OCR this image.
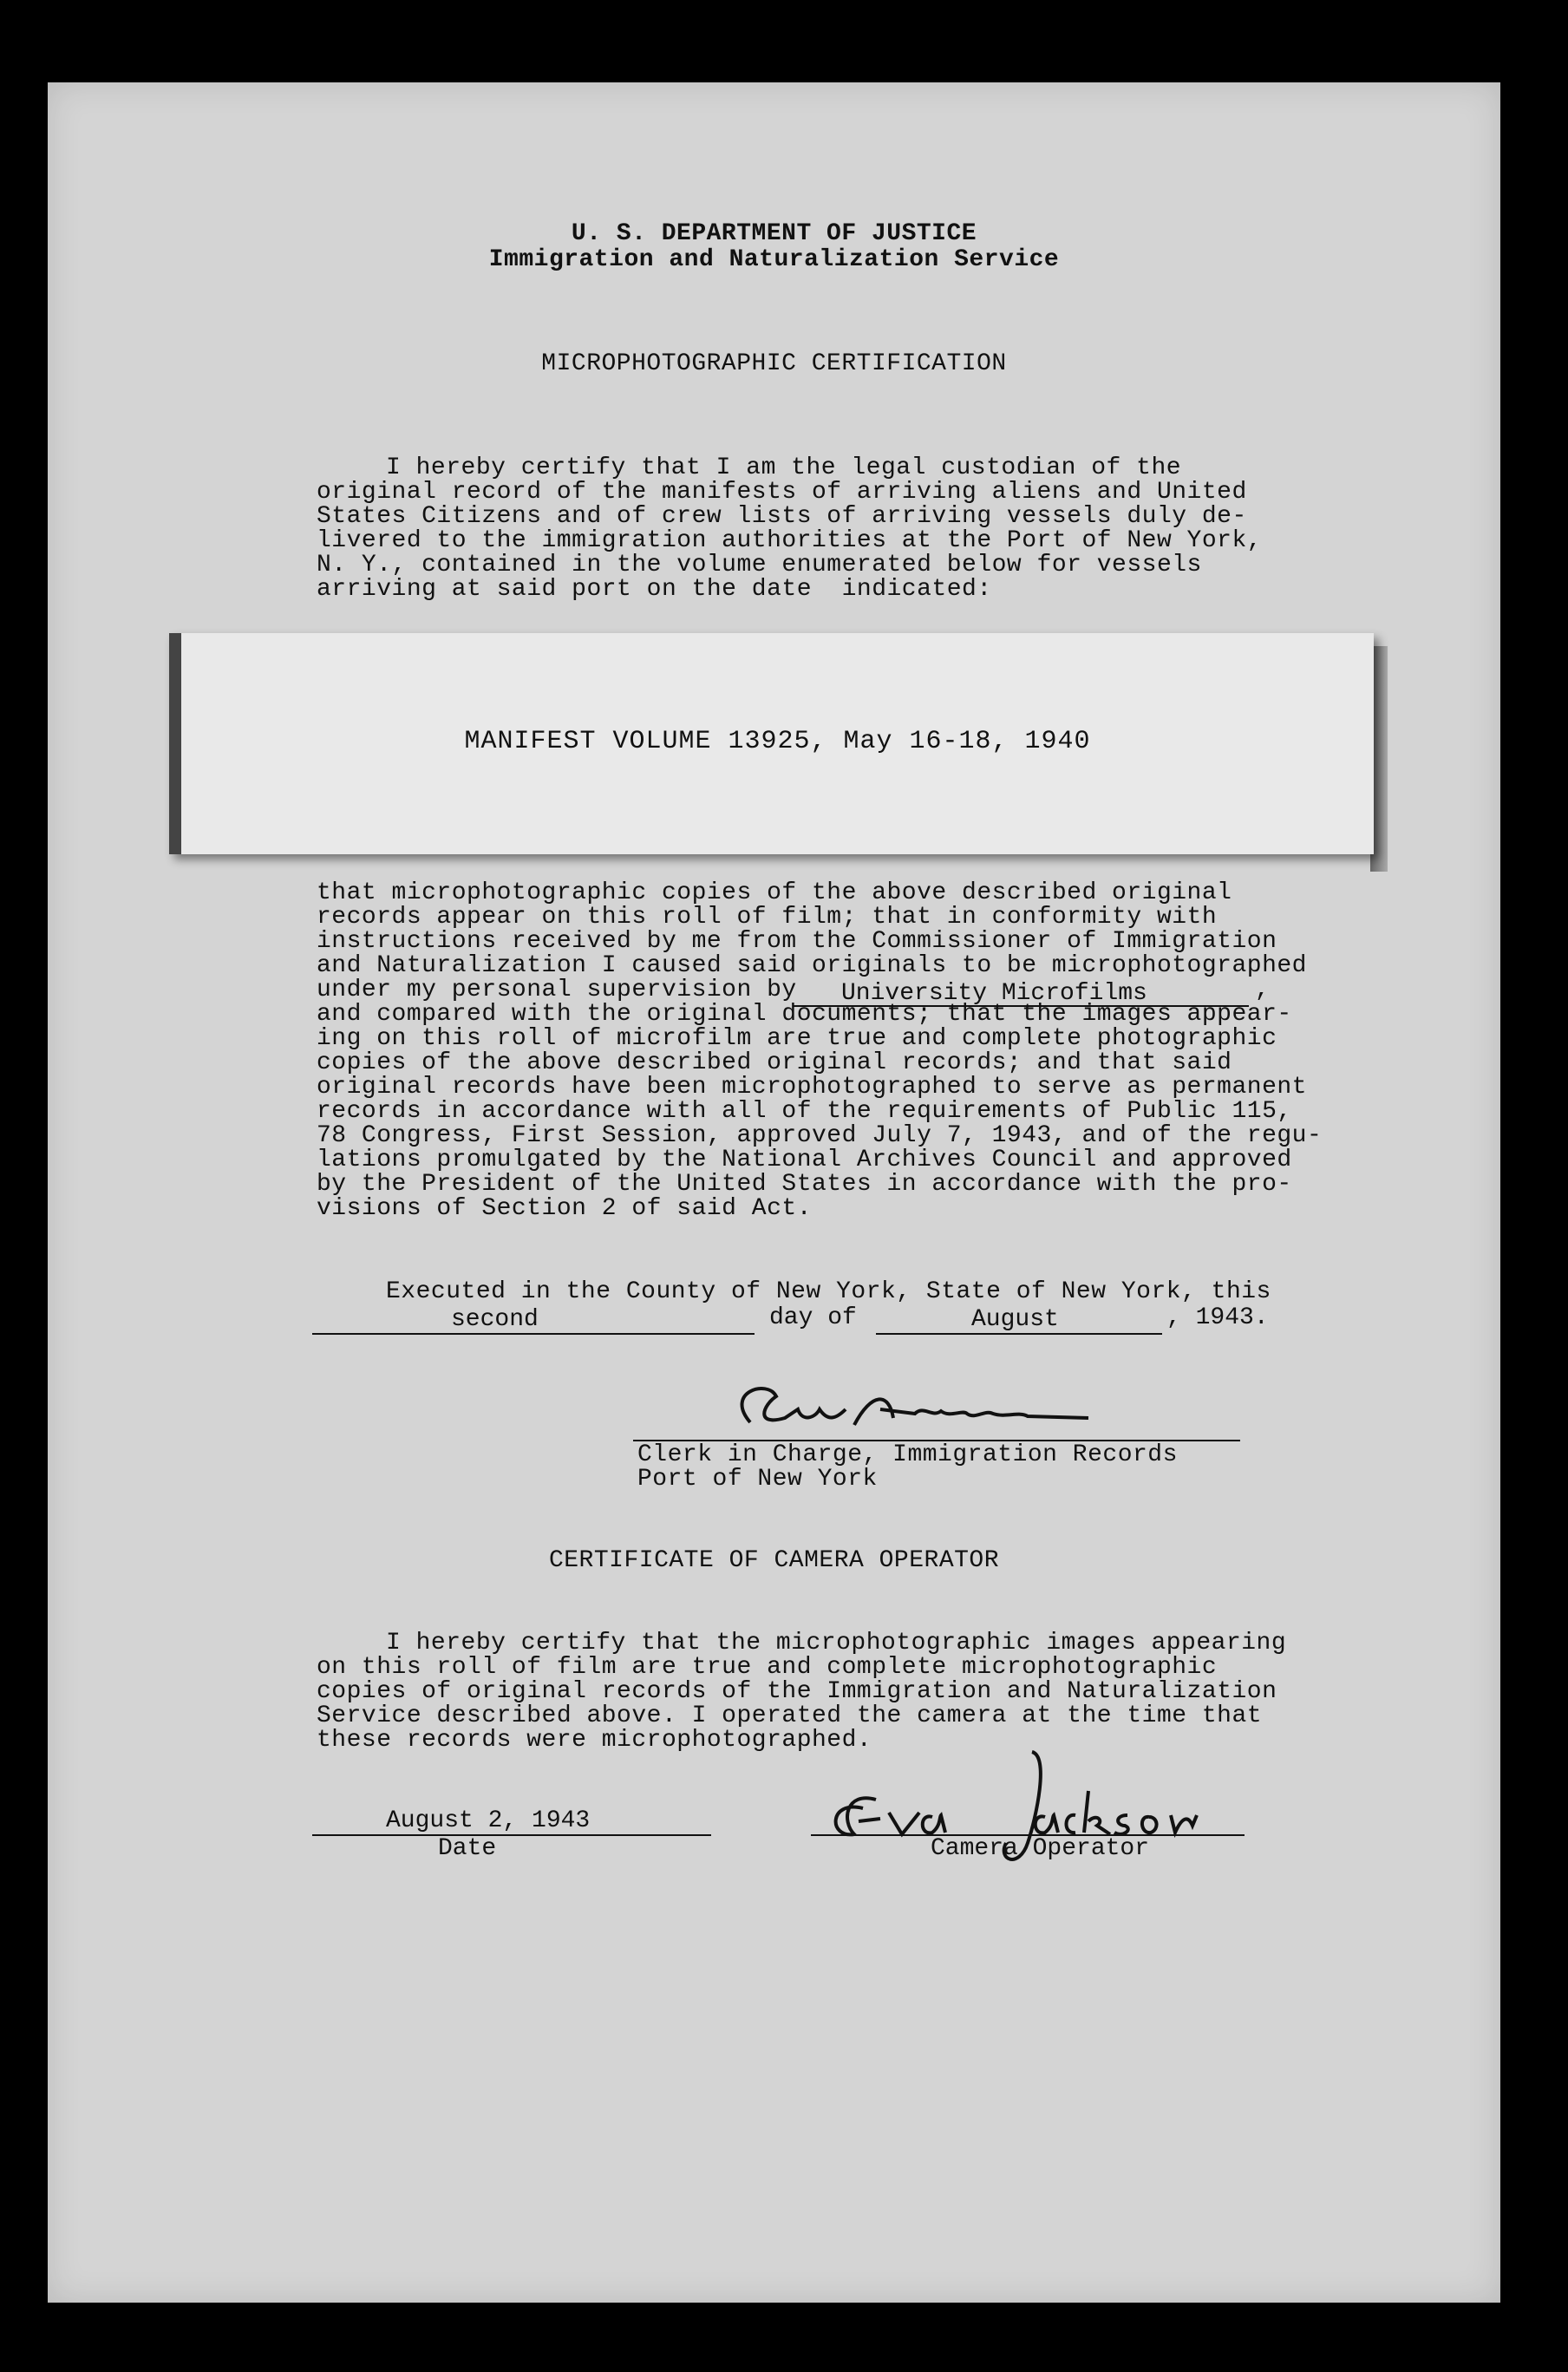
U. S. DEPARTMENT OF JUSTICE
Immigration and Naturalization Service
MICROPHOTOGRAPHIC CERTIFICATION
I hereby certify that I am the legal custodian of the
original record of the manifests of arriving aliens and United
States Citizens and of crew lists of arriving vessels duly de-
livered to the immigration authorities at the Port of New York,
N. Y., contained in the volume enumerated below for vessels
arriving at said port on the date  indicated:
MANIFEST VOLUME 13925, May 16-18, 1940
that microphotographic copies of the above described original
records appear on this roll of film; that in conformity with
instructions received by me from the Commissioner of Immigration
and Naturalization I caused said originals to be microphotographed
under my personal supervision by University Microfilms	,
and compared with the original documents; that the images appear-
ing on this roll of microfilm are true and complete photographic
copies of the above described original records; and that said
original records have been microphotographed to serve as permanent
records in accordance with all of the requirements of Public 115,
78 Congress, First Session, approved July 7, 1943, and of the regu-
lations promulgated by the National Archives Council and approved
by the President of the United States in accordance with the pro-
visions of Section 2 of said Act.
Executed in the County of New York, State of New York, this
second	day of	August	, 1943.
Clerk in Charge, Immigration Records
Port of New York
CERTIFICATE OF CAMERA OPERATOR
I hereby certify that the microphotographic images appearing
on this roll of film are true and complete microphotographic
copies of original records of the Immigration and Naturalization
Service described above. I operated the camera at the time that
these records were microphotographed.
August 2, 1943
Date	Camera Operator
